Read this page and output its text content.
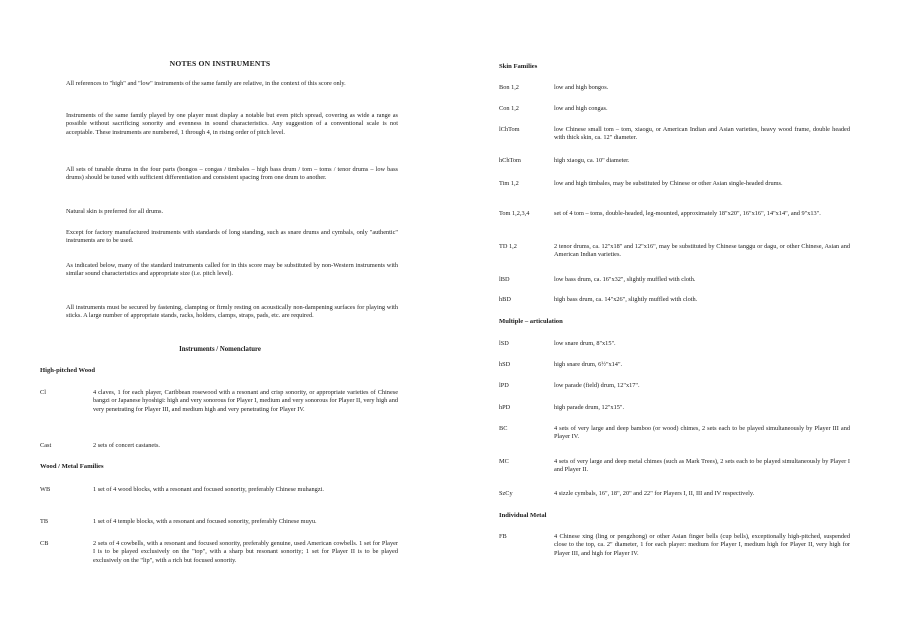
NOTES ON INSTRUMENTS

All references to "high" and "low" instruments of the same family are relative, in the context of this score only.

Instruments of the same family played by one player must display a notable but even pitch spread, covering as wide a range as possible without sacrificing sonority and evenness in sound characteristics. Any suggestion of a conventional scale is not acceptable. These instruments are numbered, 1 through 4, in rising order of pitch level.

All sets of tunable drums in the four parts (bongos – congas / timbales – high bass drum / tom – toms / tenor drums – low bass drums) should be tuned with sufficient differentiation and consistent spacing from one drum to another.

Natural skin is preferred for all drums.

Except for factory manufactured instruments with standards of long standing, such as snare drums and cymbals, only "authentic" instruments are to be used.

As indicated below, many of the standard instruments called for in this score may be substituted by non-Western instruments with similar sound characteristics and appropriate size (i.e. pitch level).

All instruments must be secured by fastening, clamping or firmly resting on acoustically non-dampening surfaces for playing with sticks. A large number of appropriate stands, racks, holders, clamps, straps, pads, etc. are required.

Instruments / Nomenclature
High-pitched Wood
Cl	4 claves, 1 for each player, Caribbean rosewood with a resonant and crisp sonority, or appropriate varieties of Chinese bangzi or Japanese hyoshigi: high and very sonorous for Player I, medium and very sonorous for Player II, very high and very penetrating for Player III, and medium high and very penetrating for Player IV.

Cast	2 sets of concert castanets.

Wood / Metal Families
WB	1 set of 4 wood blocks, with a resonant and focused sonority, preferably Chinese muhangzi.

TB	1 set of 4 temple blocks, with a resonant and focused sonority, preferably Chinese muyu.

CB	2 sets of 4 cowbells, with a resonant and focused sonority, preferably genuine, used American cowbells. 1 set for Player I is to be played exclusively on the "top", with a sharp but resonant sonority; 1 set for Player II is to be played exclusively on the "lip", with a rich but focused sonority.

Skin Families
Bon 1,2	low and high bongos.

Con 1,2	low and high congas.

lChTom	low Chinese small tom – tom, xiaogu, or American Indian and Asian varieties, heavy wood frame, double headed with thick skin, ca. 12" diameter.

hChTom	high xiaogu, ca. 10" diameter.

Tim 1,2	low and high timbales, may be substituted by Chinese or other Asian single-headed drums.

Tom 1,2,3,4	set of 4 tom – toms, double-headed, leg-mounted, approximately 18"x20", 16"x16", 14"x14", and 9"x13".

TD 1,2	2 tenor drums, ca. 12"x18" and 12"x16", may be substituted by Chinese tanggu or dagu, or other Chinese, Asian and American Indian varieties.

lBD	low bass drum, ca. 16"x32", slightly muffled with cloth.

hBD	high bass drum, ca. 14"x26", slightly muffled with cloth.

Multiple – articulation
lSD	low snare drum, 8"x15".

hSD	high snare drum, 6½"x14".

lPD	low parade (field) drum, 12"x17".

hPD	high parade drum, 12"x15".

BC	4 sets of very large and deep bamboo (or wood) chimes, 2 sets each to be played simultaneously by Player III and Player IV.

MC	4 sets of very large and deep metal chimes (such as Mark Trees), 2 sets each to be played simultaneously by Player I and Player II.

SzCy	4 sizzle cymbals, 16", 18", 20" and 22" for Players I, II, III and IV respectively.

Individual Metal
FB	4 Chinese xing (ling or pengzhong) or other Asian finger bells (cup bells), exceptionally high-pitched, suspended close to the top, ca. 2" diameter, 1 for each player: medium for Player I, medium high for Player II, very high for Player III, and high for Player IV.
